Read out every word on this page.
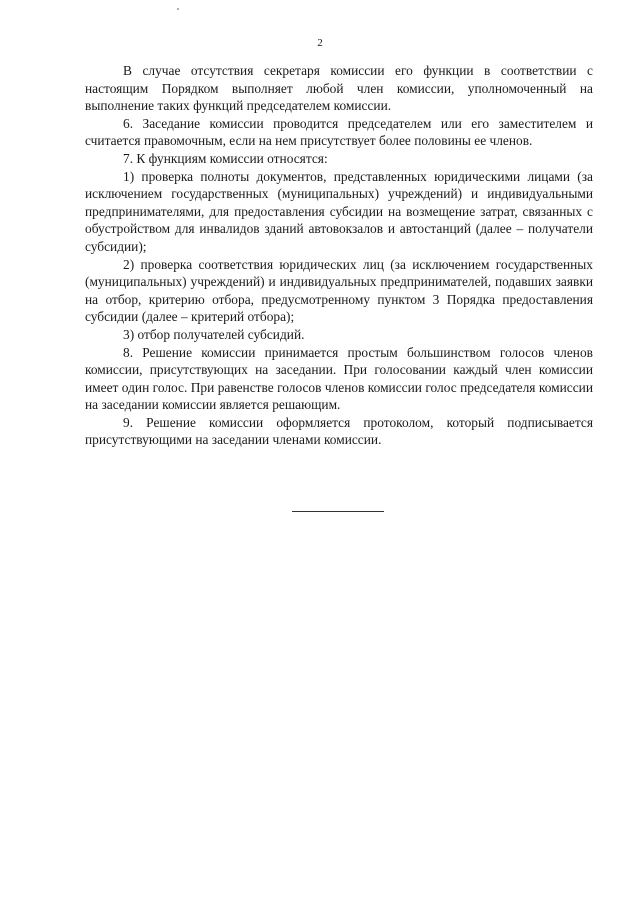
2

В случае отсутствия секретаря комиссии его функции в соответствии с настоящим Порядком выполняет любой член комиссии, уполномоченный на выполнение таких функций председателем комиссии.

6. Заседание комиссии проводится председателем или его заместителем и считается правомочным, если на нем присутствует более половины ее членов.

7. К функциям комиссии относятся:

1) проверка полноты документов, представленных юридическими лицами (за исключением государственных (муниципальных) учреждений) и индивидуальными предпринимателями, для предоставления субсидии на возмещение затрат, связанных с обустройством для инвалидов зданий автовокзалов и автостанций (далее – получатели субсидии);

2) проверка соответствия юридических лиц (за исключением государственных (муниципальных) учреждений) и индивидуальных предпринимателей, подавших заявки на отбор, критерию отбора, предусмотренному пунктом 3 Порядка предоставления субсидии (далее – критерий отбора);

3) отбор получателей субсидий.

8. Решение комиссии принимается простым большинством голосов членов комиссии, присутствующих на заседании. При голосовании каждый член комиссии имеет один голос. При равенстве голосов членов комиссии голос председателя комиссии на заседании комиссии является решающим.

9. Решение комиссии оформляется протоколом, который подписывается присутствующими на заседании членами комиссии.
